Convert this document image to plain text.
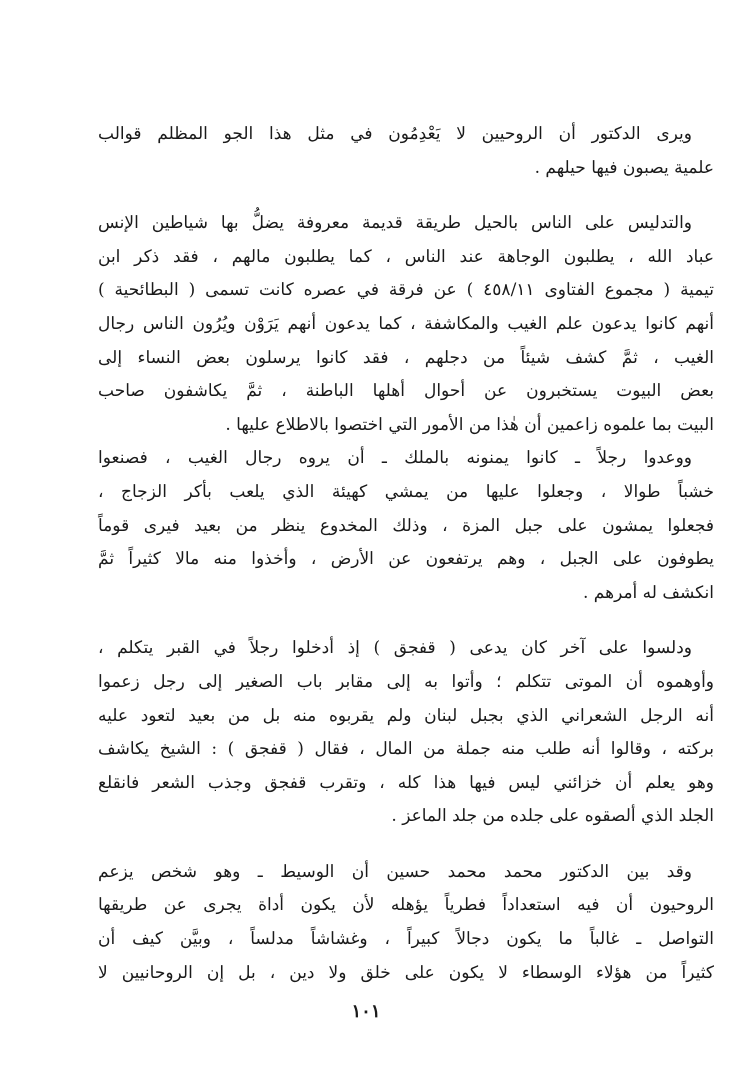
ويرى الدكتور أن الروحيين لا يَعْدِمُون في مثل هذا الجو المظلم قوالب
علمية يصبون فيها حيلهم .

والتدليس على الناس بالحيل طريقة قديمة معروفة يضلُّ بها شياطين الإنس
عباد الله ، يطلبون الوجاهة عند الناس ، كما يطلبون مالهم ، فقد ذكر ابن
تيمية ( مجموع الفتاوى ٤٥٨/١١ ) عن فرقة في عصره كانت تسمى ( البطائحية )
أنهم كانوا يدعون علم الغيب والمكاشفة ، كما يدعون أنهم يَرَوْن ويُرُون الناس رجال
الغيب ، ثمَّ كشف شيئاً من دجلهم ، فقد كانوا يرسلون بعض النساء إلى
بعض البيوت يستخبرون عن أحوال أهلها الباطنة ، ثمَّ يكاشفون صاحب
البيت بما علموه زاعمين أن هٰذا من الأمور التي اختصوا بالاطلاع عليها .

ووعدوا رجلاً ـ كانوا يمنونه بالملك ـ أن يروه رجال الغيب ، فصنعوا
خشباً طوالا ، وجعلوا عليها من يمشي كهيئة الذي يلعب بأكر الزجاج ،
فجعلوا يمشون على جبل المزة ، وذلك المخدوع ينظر من بعيد فيرى قوماً
يطوفون على الجبل ، وهم يرتفعون عن الأرض ، وأخذوا منه مالا كثيراً ثمَّ
انكشف له أمرهم .

ودلسوا على آخر كان يدعى ( قفجق ) إذ أدخلوا رجلاً في القبر يتكلم ،
وأوهموه أن الموتى تتكلم ؛ وأتوا به إلى مقابر باب الصغير إلى رجل زعموا
أنه الرجل الشعراني الذي بجبل لبنان ولم يقربوه منه بل من بعيد لتعود عليه
بركته ، وقالوا أنه طلب منه جملة من المال ، فقال ( قفجق ) : الشيخ يكاشف
وهو يعلم أن خزائني ليس فيها هذا كله ، وتقرب قفجق وجذب الشعر فانقلع
الجلد الذي ألصقوه على جلده من جلد الماعز .

وقد بين الدكتور محمد محمد حسين أن الوسيط ـ وهو شخص يزعم
الروحيون أن فيه استعداداً فطرياً يؤهله لأن يكون أداة يجرى عن طريقها
التواصل ـ غالباً ما يكون دجالاً كبيراً ، وغشاشاً مدلساً ، وبيَّن كيف أن
كثيراً من هؤلاء الوسطاء لا يكون على خلق ولا دين ، بل إن الروحانيين لا

١٠١
